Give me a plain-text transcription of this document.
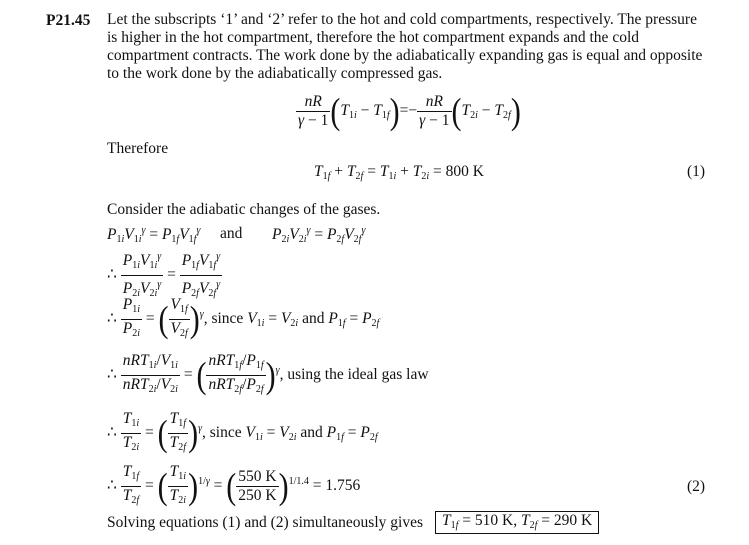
P21.45 Let the subscripts ‘1’ and ‘2’ refer to the hot and cold compartments, respectively. The pressure is higher in the hot compartment, therefore the hot compartment expands and the cold compartment contracts. The work done by the adiabatically expanding gas is equal and opposite to the work done by the adiabatically compressed gas.
$\frac{nR}{\gamma - 1} (T_{1i} - T_{1f})=- \frac{nR}{\gamma - 1} (T_{2i} - T_{2f})$
Therefore
$T_{1f} + T_{2f} = T_{1i} + T_{2i} = 800$ K	(1)
Consider the adiabatic changes of the gases.
$P_{1i}V_{1i}^\gamma = P_{1f}V_{1f}^\gamma$ and $P_{2i}V_{2i}^\gamma = P_{2f}V_{2f}^\gamma$
∴ $\frac{P_{1i}V_{1i}^\gamma}{P_{2i}V_{2i}^\gamma} = \frac{P_{1f}V_{1f}^\gamma}{P_{2f}V_{2f}^\gamma}$
∴ $\frac{P_{1i}}{P_{2i}}$ = ( $\frac{V_{1f}}{V_{2f}} )^\gamma$, since $V_{1i} = V_{2i}$ and $P_{1f} = P_{2f}$
∴ $\frac{nRT_{1i}/V_{1i}}{nRT_{2i}/V_{2i}}$ = ( $\frac{nRT_{1f}/P_{1f}}{nRT_{2f}/P_{2f}} )^\gamma$, using the ideal gas law
∴ $\frac{T_{1i}}{T_{2i}}$ = ( $\frac{T_{1f}}{T_{2f}} )^\gamma$, since $V_{1i} = V_{2i}$ and $P_{1f} = P_{2f}$
∴ $\frac{T_{1f}}{T_{2f}}$ = ( $\frac{T_{1i}}{T_{2i}} )^{1/\gamma}$ = ( $\frac{550 K}{250 K} )^{1/1.4} = 1.756$	(2)
Solving equations (1) and (2) simultaneously gives	$T_{1f} = 510$ K, $T_{2f} = 290$ K
